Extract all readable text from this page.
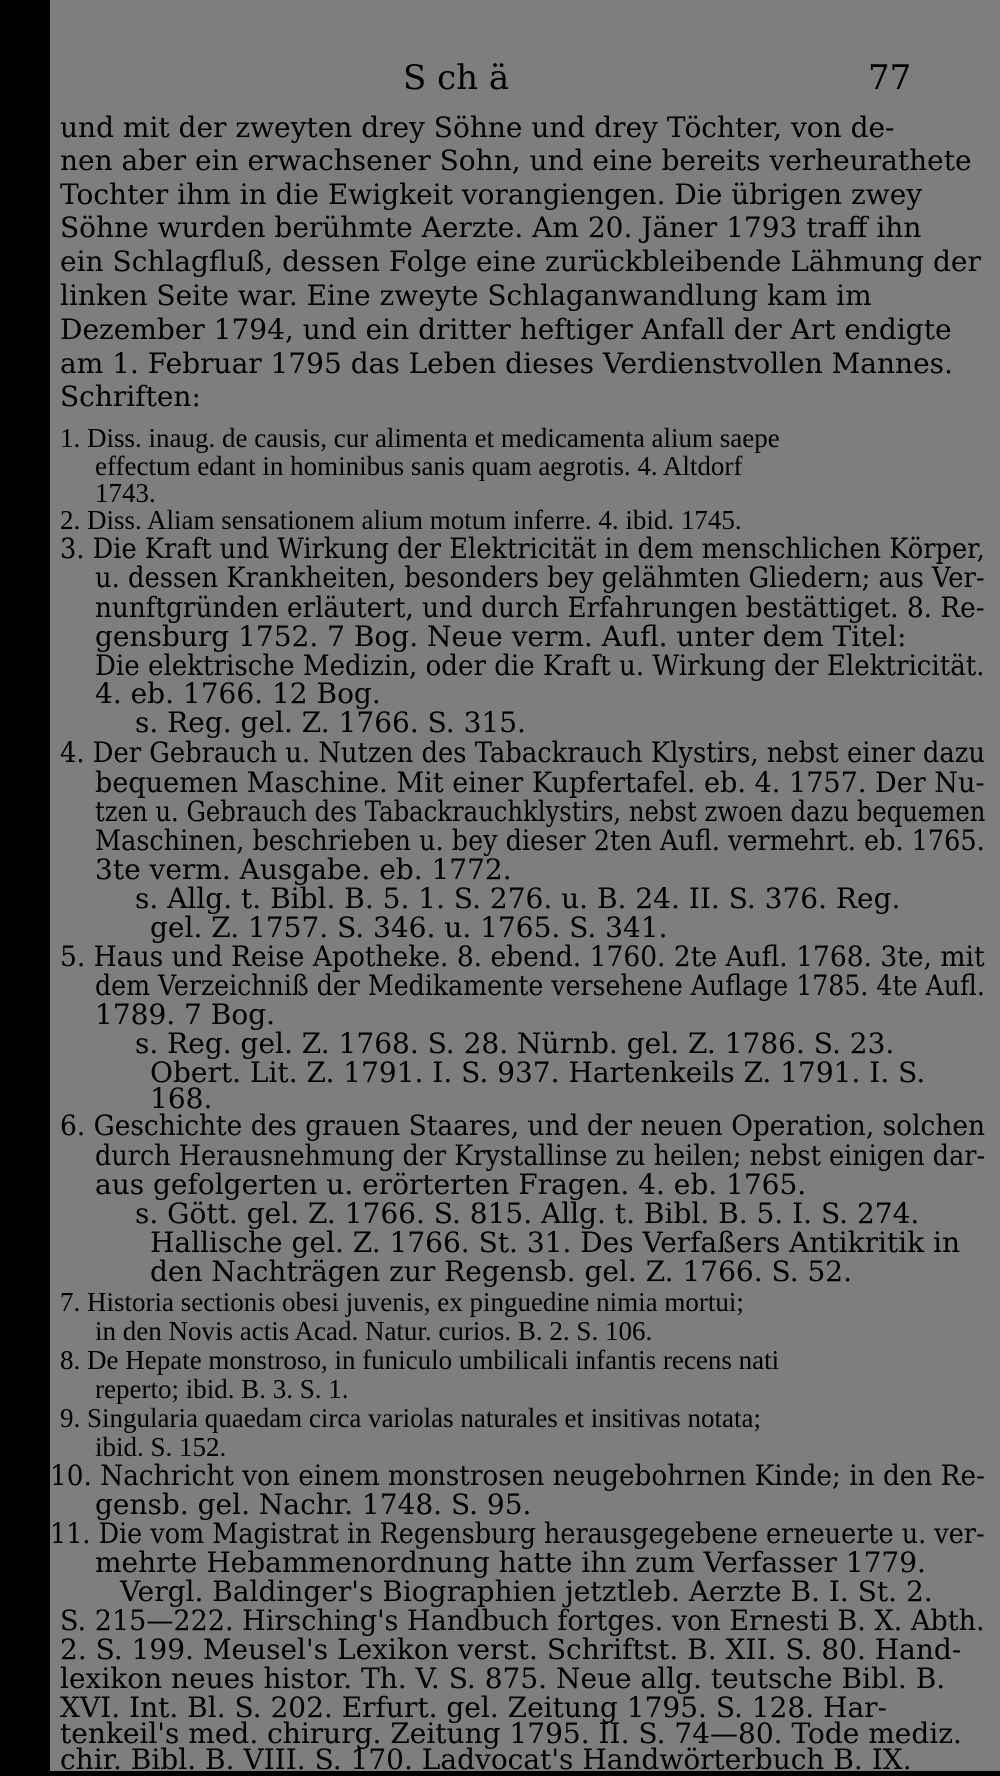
S ch ä	77
und mit der zweyten drey Söhne und drey Töchter, von de-
nen aber ein erwachsener Sohn, und eine bereits verheurathete
Tochter ihm in die Ewigkeit vorangiengen. Die übrigen zwey
Söhne wurden berühmte Aerzte. Am 20. Jäner 1793 traff ihn
ein Schlagfluß, dessen Folge eine zurückbleibende Lähmung der
linken Seite war. Eine zweyte Schlaganwandlung kam im
Dezember 1794, und ein dritter heftiger Anfall der Art endigte
am 1. Februar 1795 das Leben dieses Verdienstvollen Mannes.
Schriften:
1. Diss. inaug. de causis, cur alimenta et medicamenta alium saepe
effectum edant in hominibus sanis quam aegrotis. 4. Altdorf
1743.
2. Diss. Aliam sensationem alium motum inferre. 4. ibid. 1745.
3. Die Kraft und Wirkung der Elektricität in dem menschlichen Körper,
u. dessen Krankheiten, besonders bey gelähmten Gliedern; aus Ver-
nunftgründen erläutert, und durch Erfahrungen bestättiget. 8. Re-
gensburg 1752. 7 Bog. Neue verm. Aufl. unter dem Titel:
Die elektrische Medizin, oder die Kraft u. Wirkung der Elektricität.
4. eb. 1766. 12 Bog.
s. Reg. gel. Z. 1766. S. 315.
4. Der Gebrauch u. Nutzen des Tabackrauch Klystirs, nebst einer dazu
bequemen Maschine. Mit einer Kupfertafel. eb. 4. 1757. Der Nu-
tzen u. Gebrauch des Tabackrauchklystirs, nebst zwoen dazu bequemen
Maschinen, beschrieben u. bey dieser 2ten Aufl. vermehrt. eb. 1765.
3te verm. Ausgabe. eb. 1772.
s. Allg. t. Bibl. B. 5. 1. S. 276. u. B. 24. II. S. 376. Reg.
gel. Z. 1757. S. 346. u. 1765. S. 341.
5. Haus und Reise Apotheke. 8. ebend. 1760. 2te Aufl. 1768. 3te, mit
dem Verzeichniß der Medikamente versehene Auflage 1785. 4te Aufl.
1789. 7 Bog.
s. Reg. gel. Z. 1768. S. 28. Nürnb. gel. Z. 1786. S. 23.
Obert. Lit. Z. 1791. I. S. 937. Hartenkeils Z. 1791. I. S.
168.
6. Geschichte des grauen Staares, und der neuen Operation, solchen
durch Herausnehmung der Krystallinse zu heilen; nebst einigen dar-
aus gefolgerten u. erörterten Fragen. 4. eb. 1765.
s. Gött. gel. Z. 1766. S. 815. Allg. t. Bibl. B. 5. I. S. 274.
Hallische gel. Z. 1766. St. 31. Des Verfaßers Antikritik in
den Nachträgen zur Regensb. gel. Z. 1766. S. 52.
7. Historia sectionis obesi juvenis, ex pinguedine nimia mortui;
in den Novis actis Acad. Natur. curios. B. 2. S. 106.
8. De Hepate monstroso, in funiculo umbilicali infantis recens nati
reperto; ibid. B. 3. S. 1.
9. Singularia quaedam circa variolas naturales et insitivas notata;
ibid. S. 152.
10. Nachricht von einem monstrosen neugebohrnen Kinde; in den Re-
gensb. gel. Nachr. 1748. S. 95.
11. Die vom Magistrat in Regensburg herausgegebene erneuerte u. ver-
mehrte Hebammenordnung hatte ihn zum Verfasser 1779.
Vergl. Baldinger's Biographien jetztleb. Aerzte B. I. St. 2.
S. 215—222. Hirsching's Handbuch fortges. von Ernesti B. X. Abth.
2. S. 199. Meusel's Lexikon verst. Schriftst. B. XII. S. 80. Hand-
lexikon neues histor. Th. V. S. 875. Neue allg. teutsche Bibl. B.
XVI. Int. Bl. S. 202. Erfurt. gel. Zeitung 1795. S. 128. Har-
tenkeil's med. chirurg. Zeitung 1795. II. S. 74—80. Tode mediz.
chir. Bibl. B. VIII. S. 170. Ladvocat's Handwörterbuch B. IX.
